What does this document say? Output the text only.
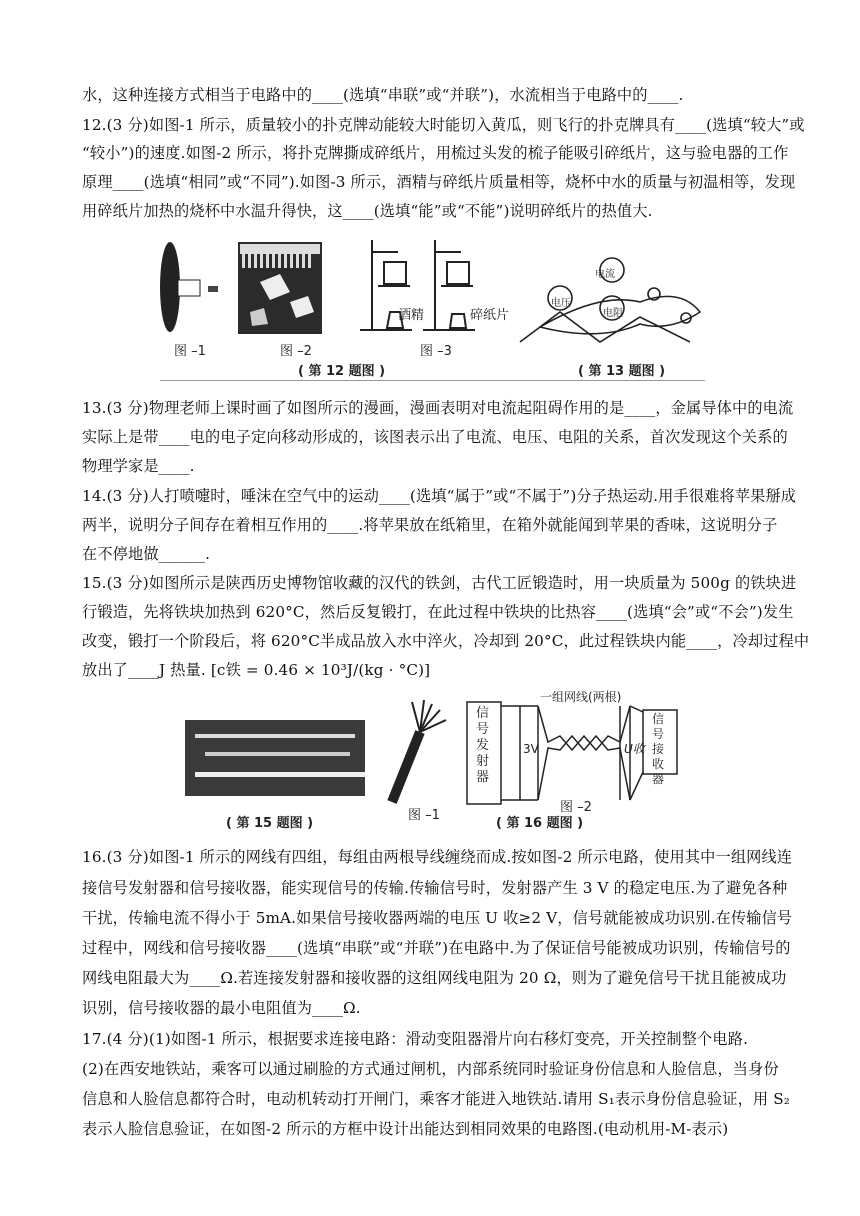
水，这种连接方式相当于电路中的____(选填“串联”或“并联”)，水流相当于电路中的____.
12.(3 分)如图-1 所示，质量较小的扑克牌动能较大时能切入黄瓜，则飞行的扑克牌具有____(选填“较大”或
“较小”)的速度.如图-2 所示，将扑克牌撕成碎纸片，用梳过头发的梳子能吸引碎纸片，这与验电器的工作
原理____(选填“相同”或“不同”).如图-3 所示，酒精与碎纸片质量相等，烧杯中水的质量与初温相等，发现
用碎纸片加热的烧杯中水温升得快，这____(选填“能”或“不能”)说明碎纸片的热值大.
酒精	碎纸片
电流
电压
电阻
图 –1	图 –2	图 –3
( 第 12 题图 )	( 第 13 题图 )
13.(3 分)物理老师上课时画了如图所示的漫画，漫画表明对电流起阻碍作用的是____，金属导体中的电流
实际上是带____电的电子定向移动形成的，该图表示出了电流、电压、电阻的关系，首次发现这个关系的
物理学家是____.
14.(3 分)人打喷嚏时，唾沫在空气中的运动____(选填“属于”或“不属于”)分子热运动.用手很难将苹果掰成
两半，说明分子间存在着相互作用的____.将苹果放在纸箱里，在箱外就能闻到苹果的香味，这说明分子
在不停地做______.
15.(3 分)如图所示是陕西历史博物馆收藏的汉代的铁剑，古代工匠锻造时，用一块质量为 500g 的铁块进
行锻造，先将铁块加热到 620°C，然后反复锻打，在此过程中铁块的比热容____(选填“会”或“不会”)发生
改变，锻打一个阶段后，将 620°C半成品放入水中淬火，冷却到 20°C，此过程铁块内能____，冷却过程中
放出了____J 热量. [c铁 = 0.46 × 10³J/(kg · °C)]
信号发射器
信号接收器
3V	U收
一组网线(两根)
图 –1
图 –2
( 第 15 题图 )	( 第 16 题图 )
16.(3 分)如图-1 所示的网线有四组，每组由两根导线缠绕而成.按如图-2 所示电路，使用其中一组网线连
接信号发射器和信号接收器，能实现信号的传输.传输信号时，发射器产生 3 V 的稳定电压.为了避免各种
干扰，传输电流不得小于 5mA.如果信号接收器两端的电压 U 收≥2 V，信号就能被成功识别.在传输信号
过程中，网线和信号接收器____(选填“串联”或“并联”)在电路中.为了保证信号能被成功识别，传输信号的
网线电阻最大为____Ω.若连接发射器和接收器的这组网线电阻为 20 Ω，则为了避免信号干扰且能被成功
识别，信号接收器的最小电阻值为____Ω.
17.(4 分)(1)如图-1 所示，根据要求连接电路：滑动变阻器滑片向右移灯变亮，开关控制整个电路.
(2)在西安地铁站，乘客可以通过刷脸的方式通过闸机，内部系统同时验证身份信息和人脸信息，当身份
信息和人脸信息都符合时，电动机转动打开闸门，乘客才能进入地铁站.请用 S₁表示身份信息验证，用 S₂
表示人脸信息验证，在如图-2 所示的方框中设计出能达到相同效果的电路图.(电动机用-M-表示)
